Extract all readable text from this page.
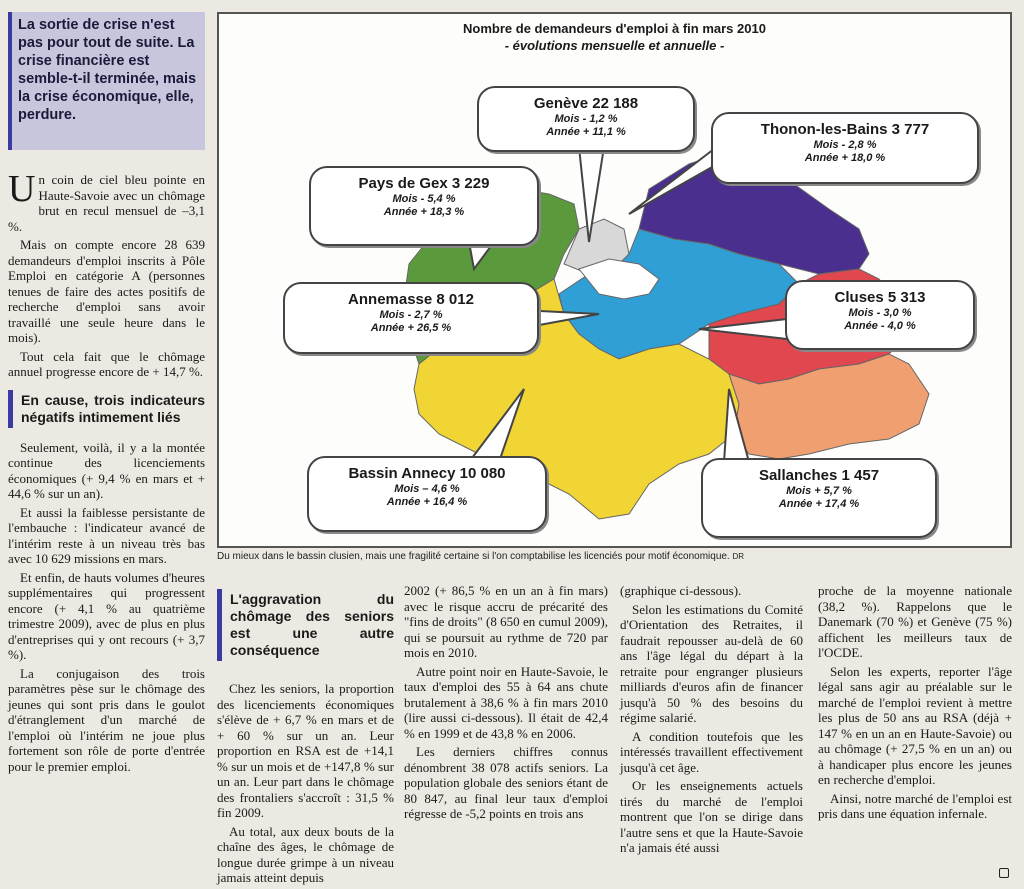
La sortie de crise n'est pas pour tout de suite. La crise financière est semble-t-il terminée, mais la crise économique, elle, perdure.

Un coin de ciel bleu pointe en Haute-Savoie avec un chômage brut en recul mensuel de –3,1 %.

Mais on compte encore 28 639 demandeurs d'emploi inscrits à Pôle Emploi en catégorie A (personnes tenues de faire des actes positifs de recherche d'emploi sans avoir travaillé une seule heure dans le mois).

Tout cela fait que le chômage annuel progresse encore de + 14,7 %.

En cause, trois indicateurs négatifs intimement liés

Seulement, voilà, il y a la montée continue des licenciements économiques (+ 9,4 % en mars et + 44,6 % sur un an).

Et aussi la faiblesse persistante de l'embauche : l'indicateur avancé de l'intérim reste à un niveau très bas avec 10 629 missions en mars.

Et enfin, de hauts volumes d'heures supplémentaires qui progressent encore (+ 4,1 % au quatrième trimestre 2009), avec de plus en plus d'entreprises qui y ont recours (+ 3,7 %).

La conjugaison des trois paramètres pèse sur le chômage des jeunes qui sont pris dans le goulot d'étranglement d'un marché de l'emploi où l'intérim ne joue plus fortement son rôle de porte d'entrée pour le premier emploi.

Nombre de demandeurs d'emploi à fin mars 2010
- évolutions mensuelle et annuelle -
Genève 22 188
Mois - 1,2 %
Année + 11,1 %	Thonon-les-Bains 3 777
Mois - 2,8 %
Année + 18,0 %
Pays de Gex 3 229
Mois - 5,4 %
Année + 18,3 %
Annemasse 8 012
Mois - 2,7 %
Année + 26,5 %
Cluses 5 313
Mois - 3,0 %
Année - 4,0 %
Bassin Annecy 10 080
Mois – 4,6 %
Année + 16,4 %
Sallanches 1 457
Mois + 5,7 %
Année + 17,4 %
Du mieux dans le bassin clusien, mais une fragilité certaine si l'on comptabilise les licenciés pour motif économique. DR
L'aggravation du chômage des seniors est une autre conséquence

Chez les seniors, la proportion des licenciements économiques s'élève de + 6,7 % en mars et de + 60 % sur un an. Leur proportion en RSA est de +14,1 % sur un mois et de +147,8 % sur un an. Leur part dans le chômage des frontaliers s'accroît : 31,5 % fin 2009.

Au total, aux deux bouts de la chaîne des âges, le chômage de longue durée grimpe à un niveau jamais atteint depuis

2002 (+ 86,5 % en un an à fin mars) avec le risque accru de précarité des "fins de droits" (8 650 en cumul 2009), qui se poursuit au rythme de 720 par mois en 2010.

Autre point noir en Haute-Savoie, le taux d'emploi des 55 à 64 ans chute brutalement à 38,6 % à fin mars 2010 (lire aussi ci-dessous). Il était de 42,4 % en 1999 et de 43,8 % en 2006.

Les derniers chiffres connus dénombrent 38 078 actifs seniors. La population globale des seniors étant de 80 847, au final leur taux d'emploi régresse de -5,2 points en trois ans

(graphique ci-dessous).

Selon les estimations du Comité d'Orientation des Retraites, il faudrait repousser au-delà de 60 ans l'âge légal du départ à la retraite pour engranger plusieurs milliards d'euros afin de financer jusqu'à 50 % des besoins du régime salarié.

A condition toutefois que les intéressés travaillent effectivement jusqu'à cet âge.

Or les enseignements actuels tirés du marché de l'emploi montrent que l'on se dirige dans l'autre sens et que la Haute-Savoie n'a jamais été aussi

proche de la moyenne nationale (38,2 %). Rappelons que le Danemark (70 %) et Genève (75 %) affichent les meilleurs taux de l'OCDE.

Selon les experts, reporter l'âge légal sans agir au préalable sur le marché de l'emploi revient à mettre les plus de 50 ans au RSA (déjà + 147 % en un an en Haute-Savoie) ou au chômage (+ 27,5 % en un an) ou à handicaper plus encore les jeunes en recherche d'emploi.

Ainsi, notre marché de l'emploi est pris dans une équation infernale.
